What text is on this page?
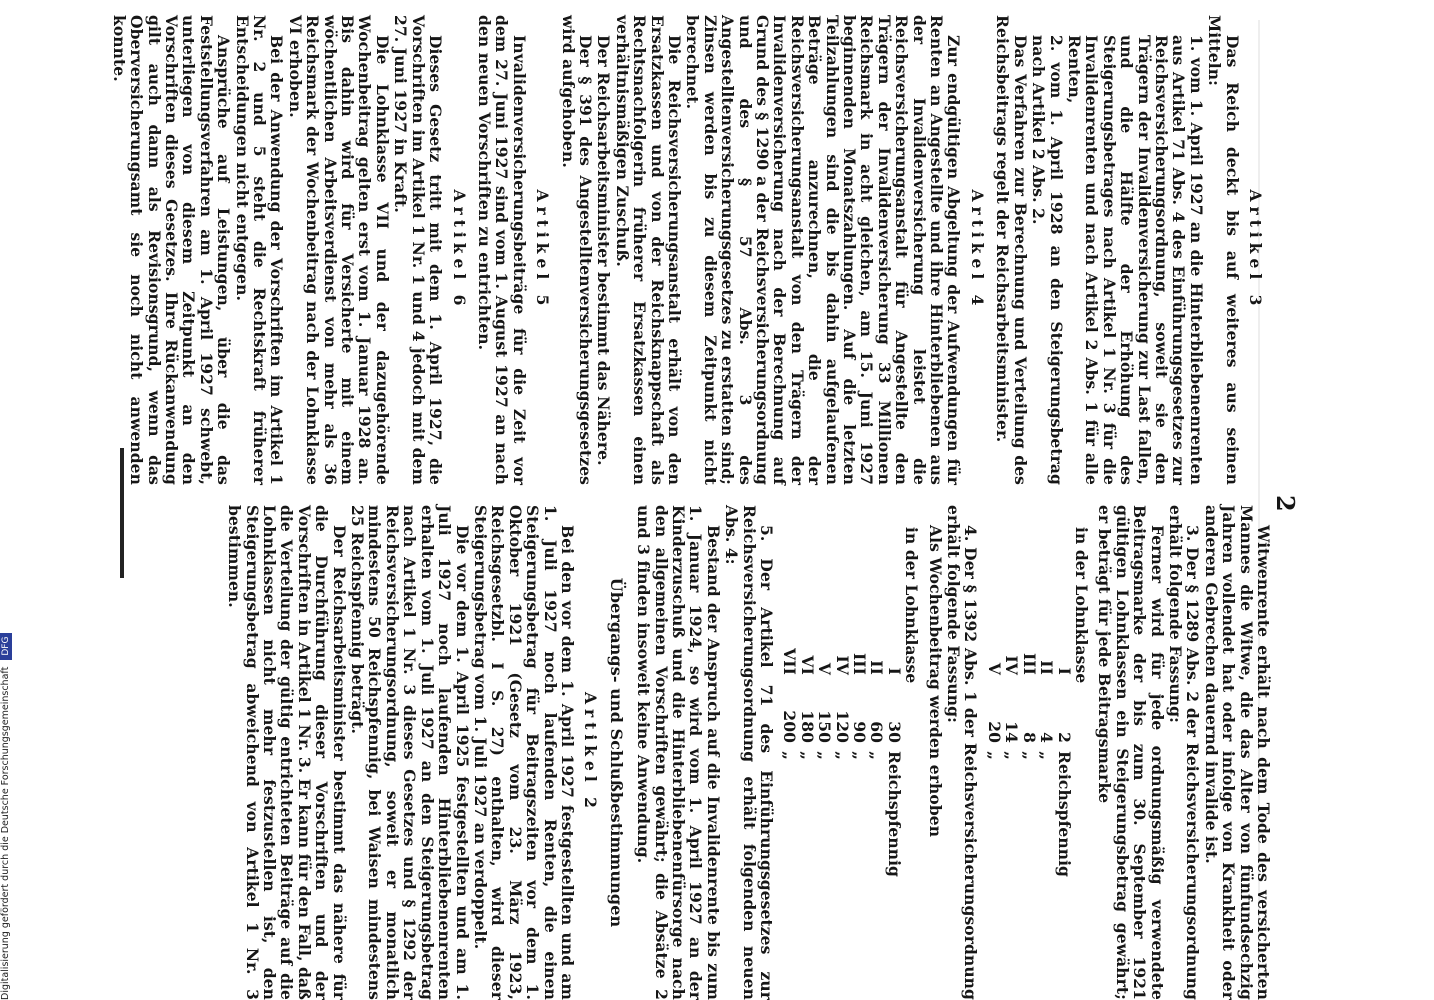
2

Witwenrente erhält nach dem Tode des versicherten Mannes die Witwe, die das Alter von fünfundsechzig Jahren vollendet hat oder infolge von Krankheit oder anderen Gebrechen dauernd invalide ist.

3. Der § 1289 Abs. 2 der Reichsversicherungsordnung erhält folgende Fassung:

Ferner wird für jede ordnungsmäßig verwendete Beitragsmarke der bis zum 30. September 1921 gültigen Lohnklassen ein Steigerungsbetrag gewährt; er beträgt für jede Beitragsmarke

in der Lohnklasse
I
2
Reichspfennig
II
4
„
III
8
„
IV
14
„
V
20
„

4. Der § 1392 Abs. 1 der Reichsversicherungsordnung erhält folgende Fassung:

Als Wochenbeitrag werden erhoben

in der Lohnklasse
I
30
Reichspfennig
II
60
„
III
90
„
IV
120
„
V
150
„
VI
180
„
VII
200
„

5. Der Artikel 71 des Einführungsgesetzes zur Reichsversicherungsordnung erhält folgenden neuen Abs. 4:

Bestand der Anspruch auf die Invalidenrente bis zum 1. Januar 1924, so wird vom 1. April 1927 an der Kinderzuschuß und die Hinterbliebenenfürsorge nach den allgemeinen Vorschriften gewährt; die Absätze 2 und 3 finden insoweit keine Anwendung.

Übergangs- und Schlußbestimmungen

Artikel 2

Bei den vor dem 1. April 1927 festgestellten und am 1. Juli 1927 noch laufenden Renten, die einen Steigerungsbetrag für Beitragszeiten vor dem 1. Oktober 1921 (Gesetz vom 23. März 1923, Reichsgesetzbl. I S. 27) enthalten, wird dieser Steigerungsbetrag vom 1. Juli 1927 an verdoppelt.

Die vor dem 1. April 1925 festgestellten und am 1. Juli 1927 noch laufenden Hinterbliebenenrenten erhalten vom 1. Juli 1927 an den Steigerungsbetrag nach Artikel 1 Nr. 3 dieses Gesetzes und § 1292 der Reichsversicherungsordnung, soweit er monatlich mindestens 50 Reichspfennig, bei Waisen mindestens 25 Reichspfennig beträgt.

Der Reichsarbeitsminister bestimmt das nähere für die Durchführung dieser Vorschriften und der Vorschriften in Artikel 1 Nr. 3. Er kann für den Fall, daß die Verteilung der gültig entrichteten Beiträge auf die Lohnklassen nicht mehr festzustellen ist, den Steigerungsbetrag abweichend von Artikel 1 Nr. 3 bestimmen.

Artikel 3

Das Reich deckt bis auf weiteres aus seinen Mitteln:

1. vom 1. April 1927 an die Hinterbliebenenrenten aus Artikel 71 Abs. 4 des Einführungsgesetzes zur Reichsversicherungsordnung, soweit sie den Trägern der Invalidenversicherung zur Last fallen, und die Hälfte der Erhöhung des Steigerungsbetrages nach Artikel 1 Nr. 3 für die Invalidenrenten und nach Artikel 2 Abs. 1 für alle Renten,

2. vom 1. April 1928 an den Steigerungsbetrag nach Artikel 2 Abs. 2.

Das Verfahren zur Berechnung und Verteilung des Reichsbeitrags regelt der Reichsarbeitsminister.

Artikel 4

Zur endgültigen Abgeltung der Aufwendungen für Renten an Angestellte und ihre Hinterbliebenen aus der Invalidenversicherung leistet die Reichsversicherungsanstalt für Angestellte den Trägern der Invalidenversicherung 33 Millionen Reichsmark in acht gleichen, am 15. Juni 1927 beginnenden Monatszahlungen. Auf die letzten Teilzahlungen sind die bis dahin aufgelaufenen Beträge anzurechnen, die der Reichsversicherungsanstalt von den Trägern der Invalidenversicherung nach der Berechnung auf Grund des § 1290 a der Reichsversicherungsordnung und des § 57 Abs. 3 des Angestelltenversicherungsgesetzes zu erstatten sind; Zinsen werden bis zu diesem Zeitpunkt nicht berechnet.

Die Reichsversicherungsanstalt erhält von den Ersatzkassen und von der Reichsknappschaft als Rechtsnachfolgerin früherer Ersatzkassen einen verhältnismäßigen Zuschuß.

Der Reichsarbeitsminister bestimmt das Nähere.

Der § 391 des Angestelltenversicherungsgesetzes wird aufgehoben.

Artikel 5

Invalidenversicherungsbeiträge für die Zeit vor dem 27. Juni 1927 sind vom 1. August 1927 an nach den neuen Vorschriften zu entrichten.

Artikel 6

Dieses Gesetz tritt mit dem 1. April 1927, die Vorschriften im Artikel 1 Nr. 1 und 4 jedoch mit dem 27. Juni 1927 in Kraft.

Die Lohnklasse VII und der dazugehörende Wochenbeitrag gelten erst vom 1. Januar 1928 an. Bis dahin wird für Versicherte mit einem wöchentlichen Arbeitsverdienst von mehr als 36 Reichsmark der Wochenbeitrag nach der Lohnklasse VI erhoben.

Bei der Anwendung der Vorschriften im Artikel 1 Nr. 2 und 5 steht die Rechtskraft früherer Entscheidungen nicht entgegen.

Ansprüche auf Leistungen, über die das Feststellungsverfahren am 1. April 1927 schwebt, unterliegen von diesem Zeitpunkt an den Vorschriften dieses Gesetzes. Ihre Rückanwendung gilt auch dann als Revisionsgrund, wenn das Oberversicherungsamt sie noch nicht anwenden konnte.

Digitalisierung gefördert durch die Deutsche Forschungsgemeinschaft DFG
